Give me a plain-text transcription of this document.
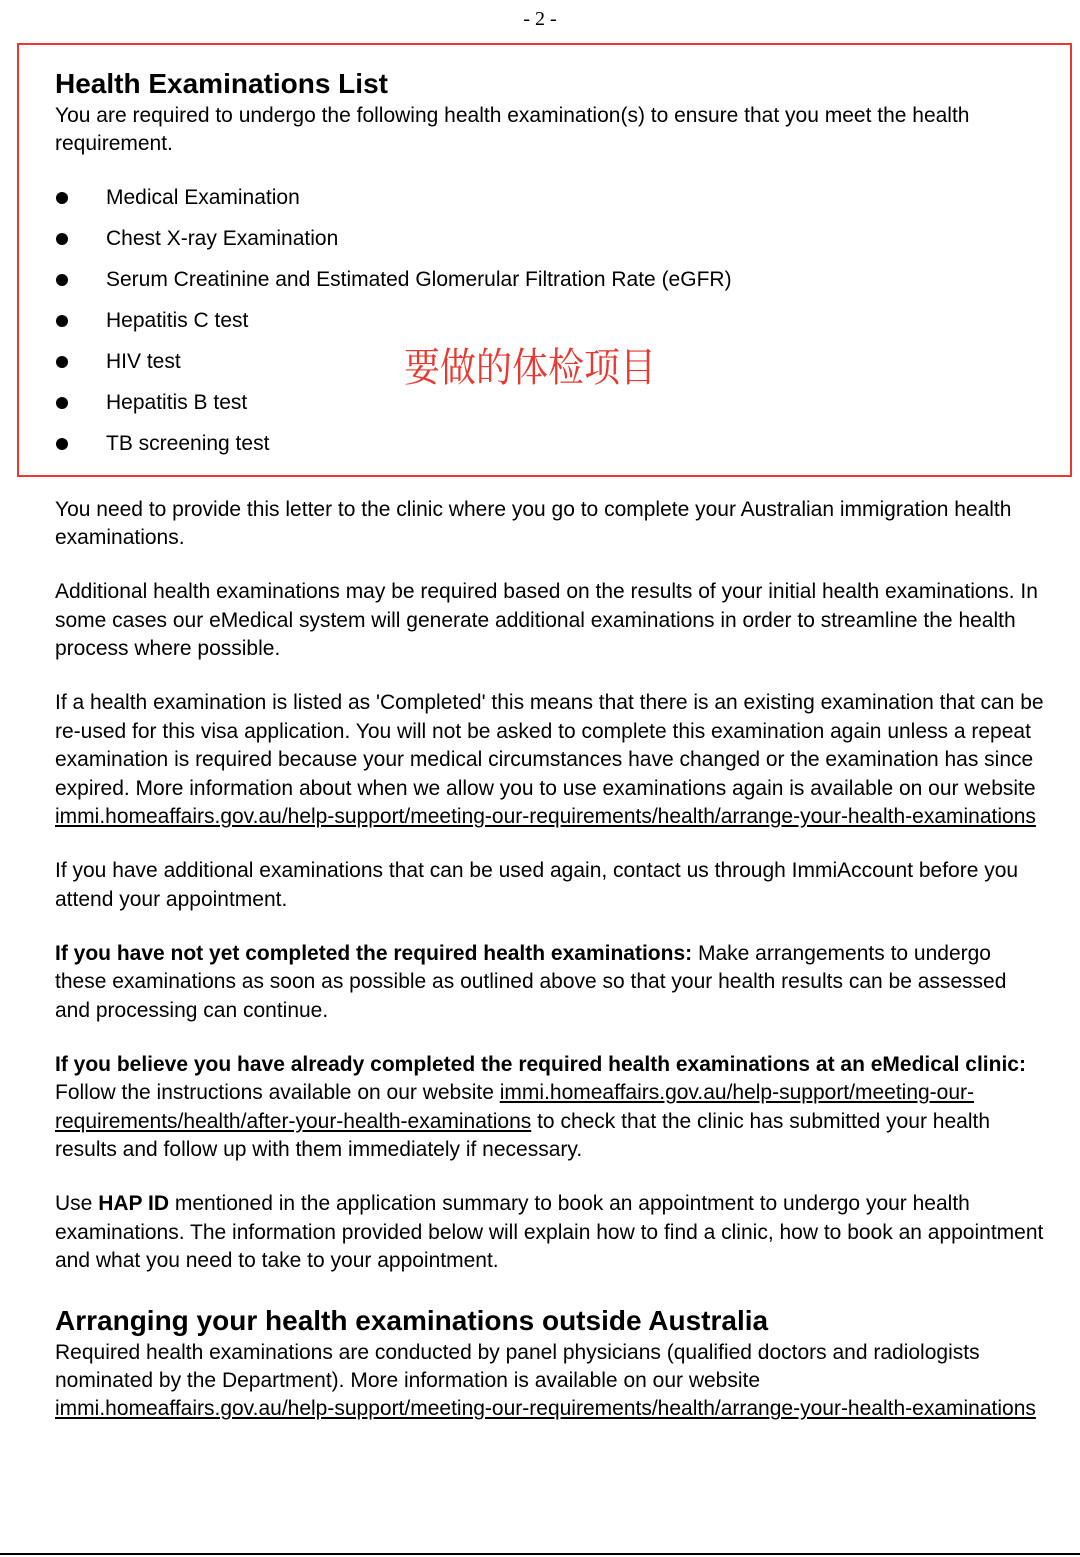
- 2 -
要做的体检项目
Health Examinations List

You are required to undergo the following health examination(s) to ensure that you meet the health requirement.

Medical Examination
Chest X-ray Examination
Serum Creatinine and Estimated Glomerular Filtration Rate (eGFR)
Hepatitis C test
HIV test
Hepatitis B test
TB screening test

You need to provide this letter to the clinic where you go to complete your Australian immigration health examinations.

Additional health examinations may be required based on the results of your initial health examinations. In some cases our eMedical system will generate additional examinations in order to streamline the health process where possible.

If a health examination is listed as 'Completed' this means that there is an existing examination that can be re-used for this visa application. You will not be asked to complete this examination again unless a repeat examination is required because your medical circumstances have changed or the examination has since expired. More information about when we allow you to use examinations again is available on our website immi.homeaffairs.gov.au/help-support/meeting-our-requirements/health/arrange-your-health-examinations

If you have additional examinations that can be used again, contact us through ImmiAccount before you attend your appointment.

If you have not yet completed the required health examinations: Make arrangements to undergo these examinations as soon as possible as outlined above so that your health results can be assessed and processing can continue.

If you believe you have already completed the required health examinations at an eMedical clinic: Follow the instructions available on our website immi.homeaffairs.gov.au/help-support/meeting-our-requirements/health/after-your-health-examinations to check that the clinic has submitted your health results and follow up with them immediately if necessary.

Use HAP ID mentioned in the application summary to book an appointment to undergo your health examinations. The information provided below will explain how to find a clinic, how to book an appointment and what you need to take to your appointment.

Arranging your health examinations outside Australia

Required health examinations are conducted by panel physicians (qualified doctors and radiologists nominated by the Department). More information is available on our website immi.homeaffairs.gov.au/help-support/meeting-our-requirements/health/arrange-your-health-examinations
